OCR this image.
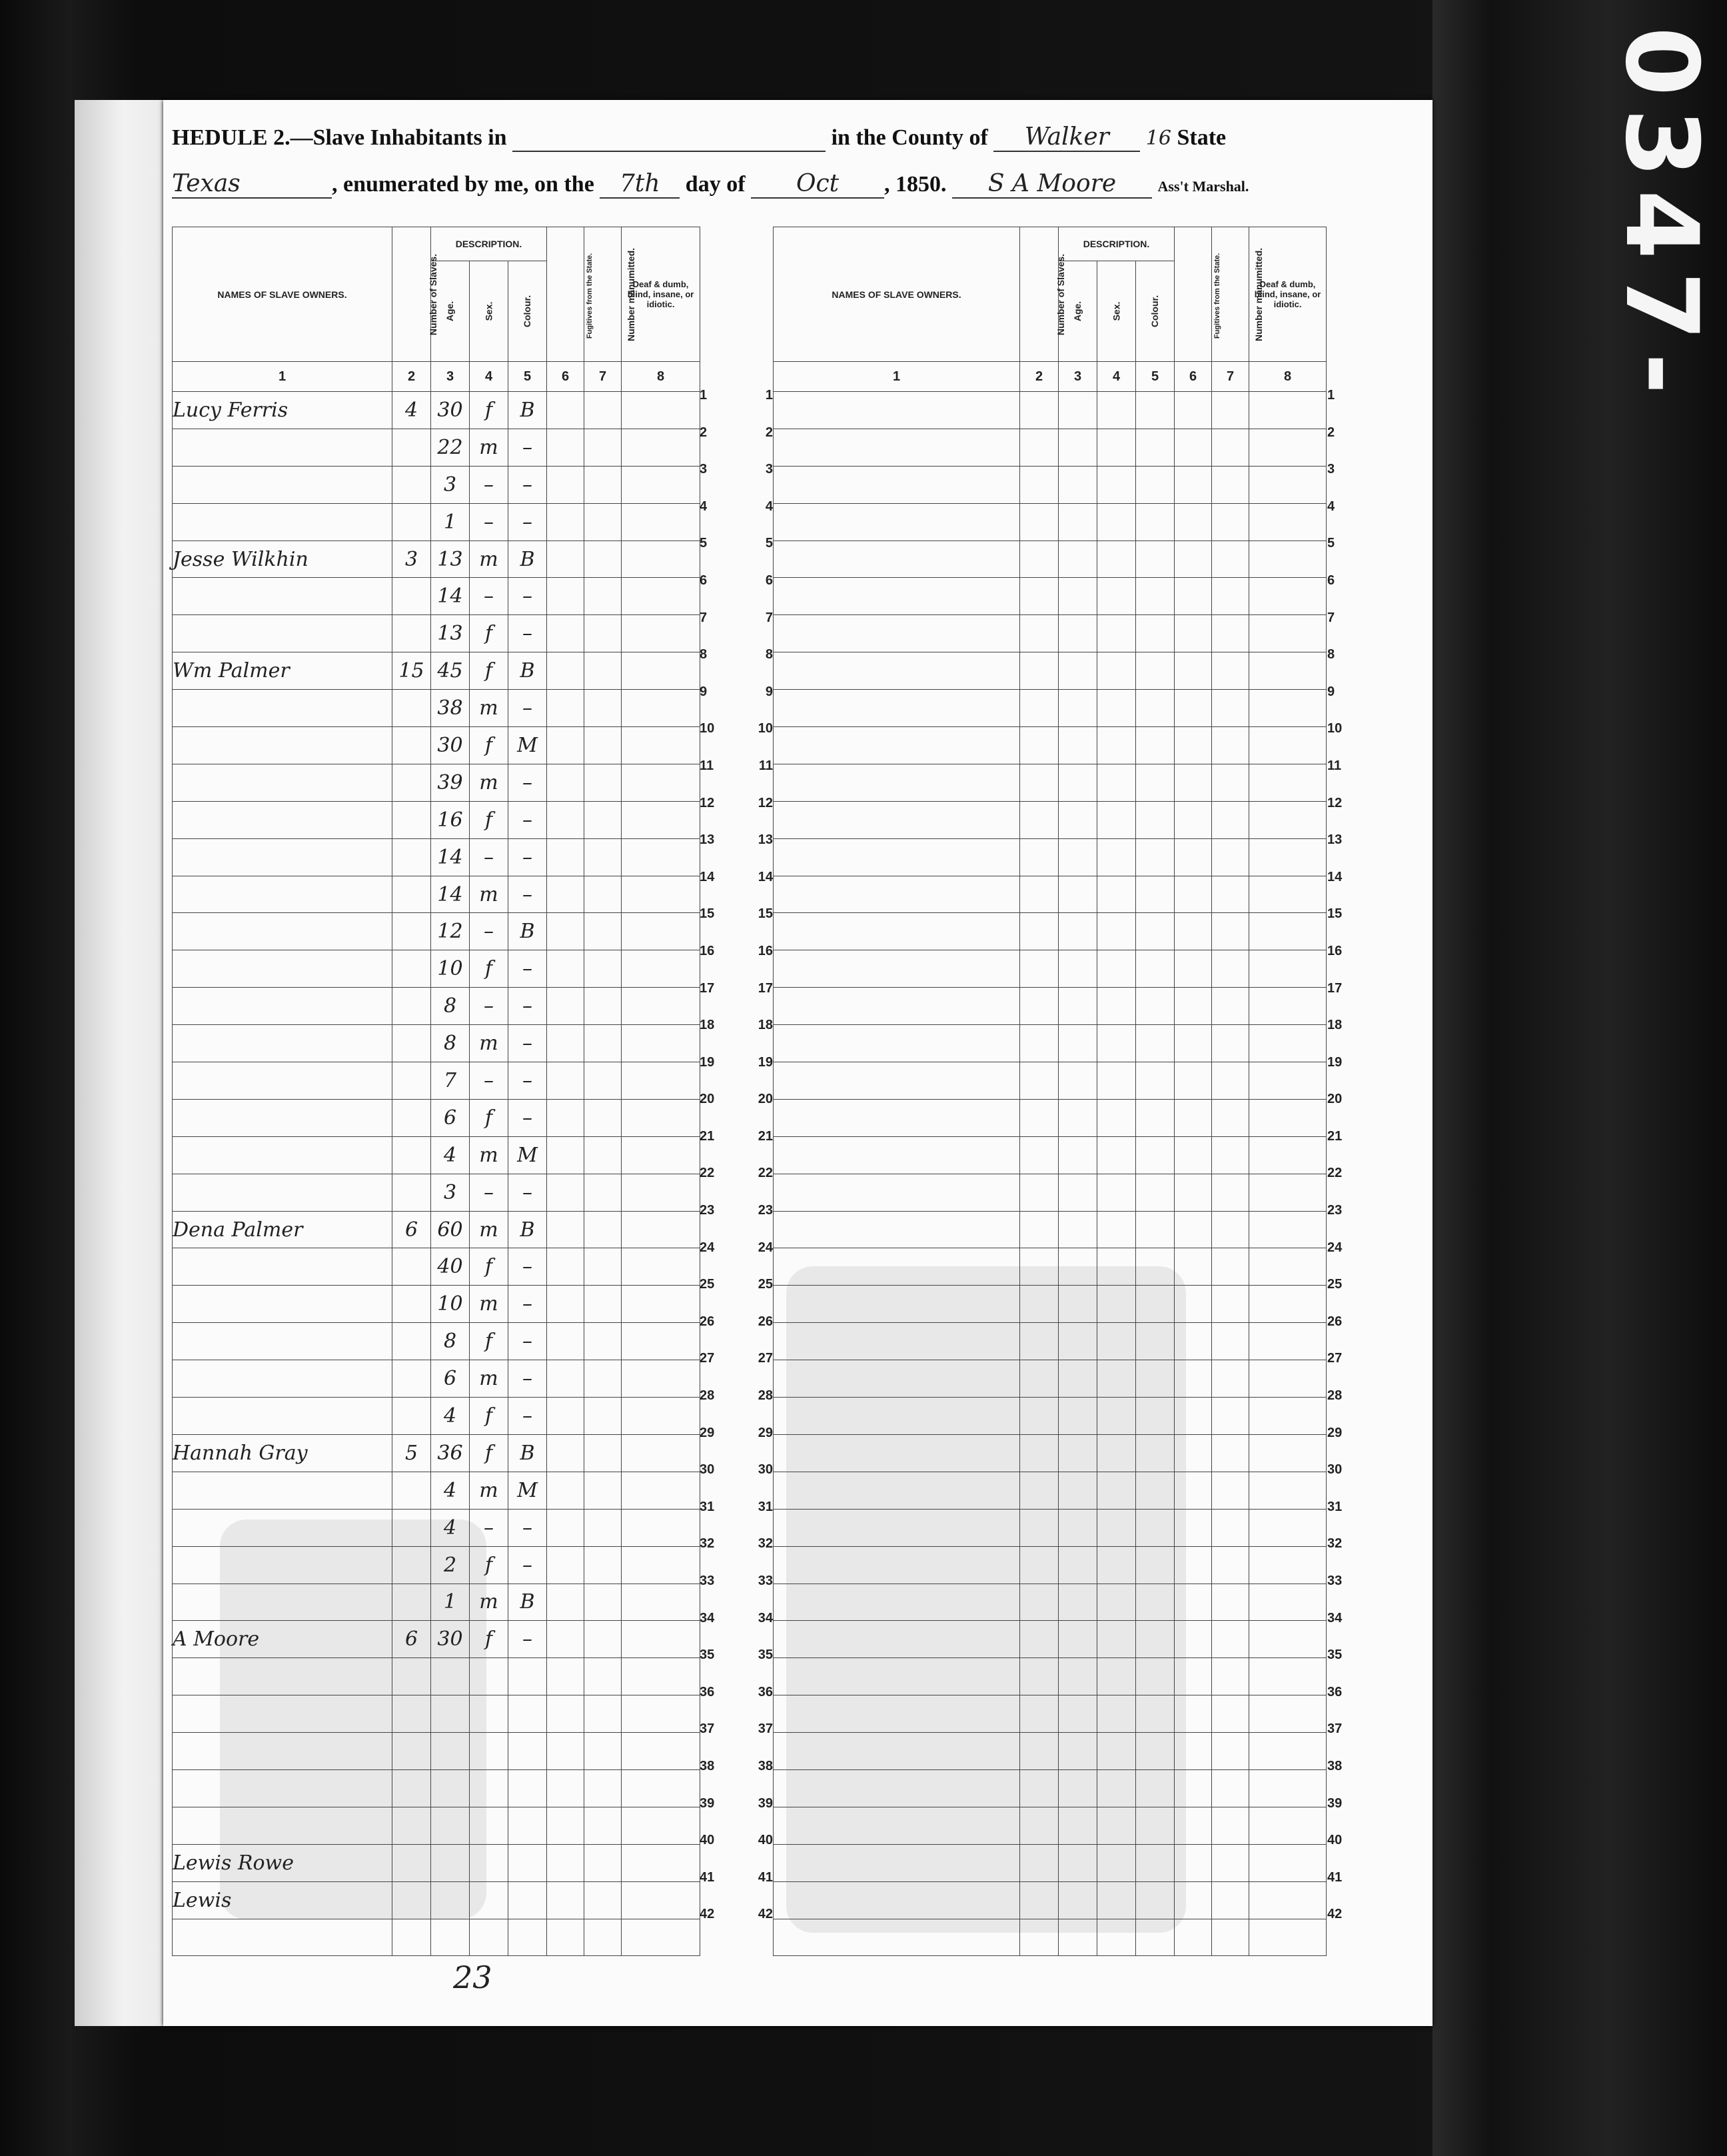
0347-
HEDULE 2.—Slave Inhabitants in	in the County of Walker 16 State
Texas	, enumerated by me, on the 7th day of Oct , 1850. S A Moore	Ass't Marshal.
NAMES OF SLAVE OWNERS.	Number of Slaves.	DESCRIPTION.			Fugitives from the State.	Number manumitted.	Deaf & dumb, blind, insane, or idiotic.
		Age.	Sex.	Colour.			
1	2	3	4	5	6	7	8
Lucy Ferris	4	30	f	B			
		22	m	–			
		3	–	–			
		1	–	–			
Jesse Wilkhin	3	13	m	B			
		14	–	–			
		13	f	–			
Wm Palmer	15	45	f	B			
		38	m	–			
		30	f	M			
		39	m	–			
		16	f	–			
		14	–	–			
		14	m	–			
		12	–	B			
		10	f	–			
		8	–	–			
		8	m	–			
		7	–	–			
		6	f	–			
		4	m	M			
		3	–	–			
Dena Palmer	6	60	m	B			
		40	f	–			
		10	m	–			
		8	f	–			
		6	m	–			
		4	f	–			
Hannah Gray	5	36	f	B			
		4	m	M			
		4	–	–			
		2	f	–			
		1	m	B			
A Moore	6	30	f	–			

Lewis Rowe							
Lewis							

1	1
2	2
3	3
4	4
5	5
6	6
7	7
8	8
9	9
10	10
11	11
12	12
13	13
14	14
15	15
16	16
17	17
18	18
19	19
20	20
21	21
22	22
23	23
24	24
25	25
26	26
27	27
28	28
29	29
30	30
31	31
32	32
33	33
34	34
35	35
36	36
37	37
38	38
39	39
40	40
41	41
42	42
NAMES OF SLAVE OWNERS.	Number of Slaves.	DESCRIPTION.			Fugitives from the State.	Number manumitted.	Deaf & dumb, blind, insane, or idiotic.
		Age.	Sex.	Colour.			
1	2	3	4	5	6	7	8

1
2
3
4
5
6
7
8
9
10
11
12
13
14
15
16
17
18
19
20
21
22
23
24
25
26
27
28
29
30
31
32
33
34
35
36
37
38
39
40
41
42
23
